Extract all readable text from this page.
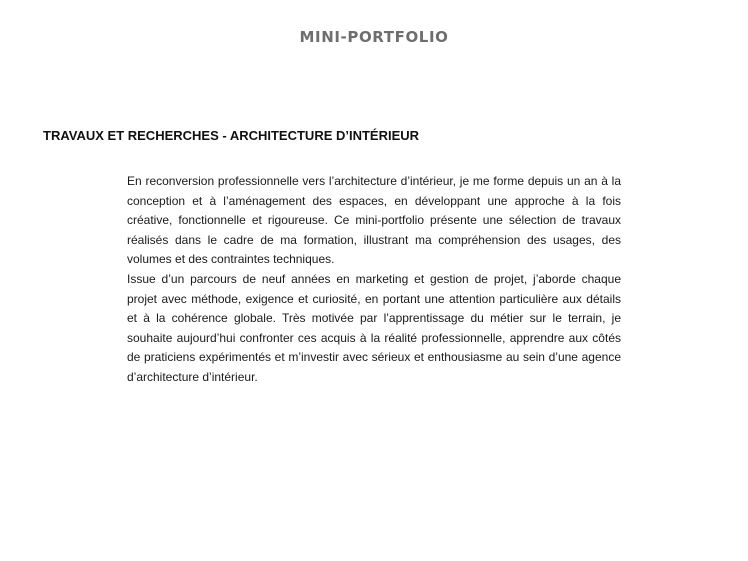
MINI-PORTFOLIO
TRAVAUX ET RECHERCHES - ARCHITECTURE D’INTÉRIEUR

En reconversion professionnelle vers l’architecture d’intérieur, je me forme depuis un an à la conception et à l’aménagement des espaces, en développant une approche à la fois créative, fonctionnelle et rigoureuse. Ce mini-portfolio présente une sélection de travaux réalisés dans le cadre de ma formation, illustrant ma compréhension des usages, des volumes et des contraintes techniques.

Issue d’un parcours de neuf années en marketing et gestion de projet, j’aborde chaque projet avec méthode, exigence et curiosité, en portant une attention particulière aux détails et à la cohérence globale. Très motivée par l’apprentissage du métier sur le terrain, je souhaite aujourd’hui confronter ces acquis à la réalité professionnelle, apprendre aux côtés de praticiens expérimentés et m’investir avec sérieux et enthousiasme au sein d’une agence d’architecture d’intérieur.
